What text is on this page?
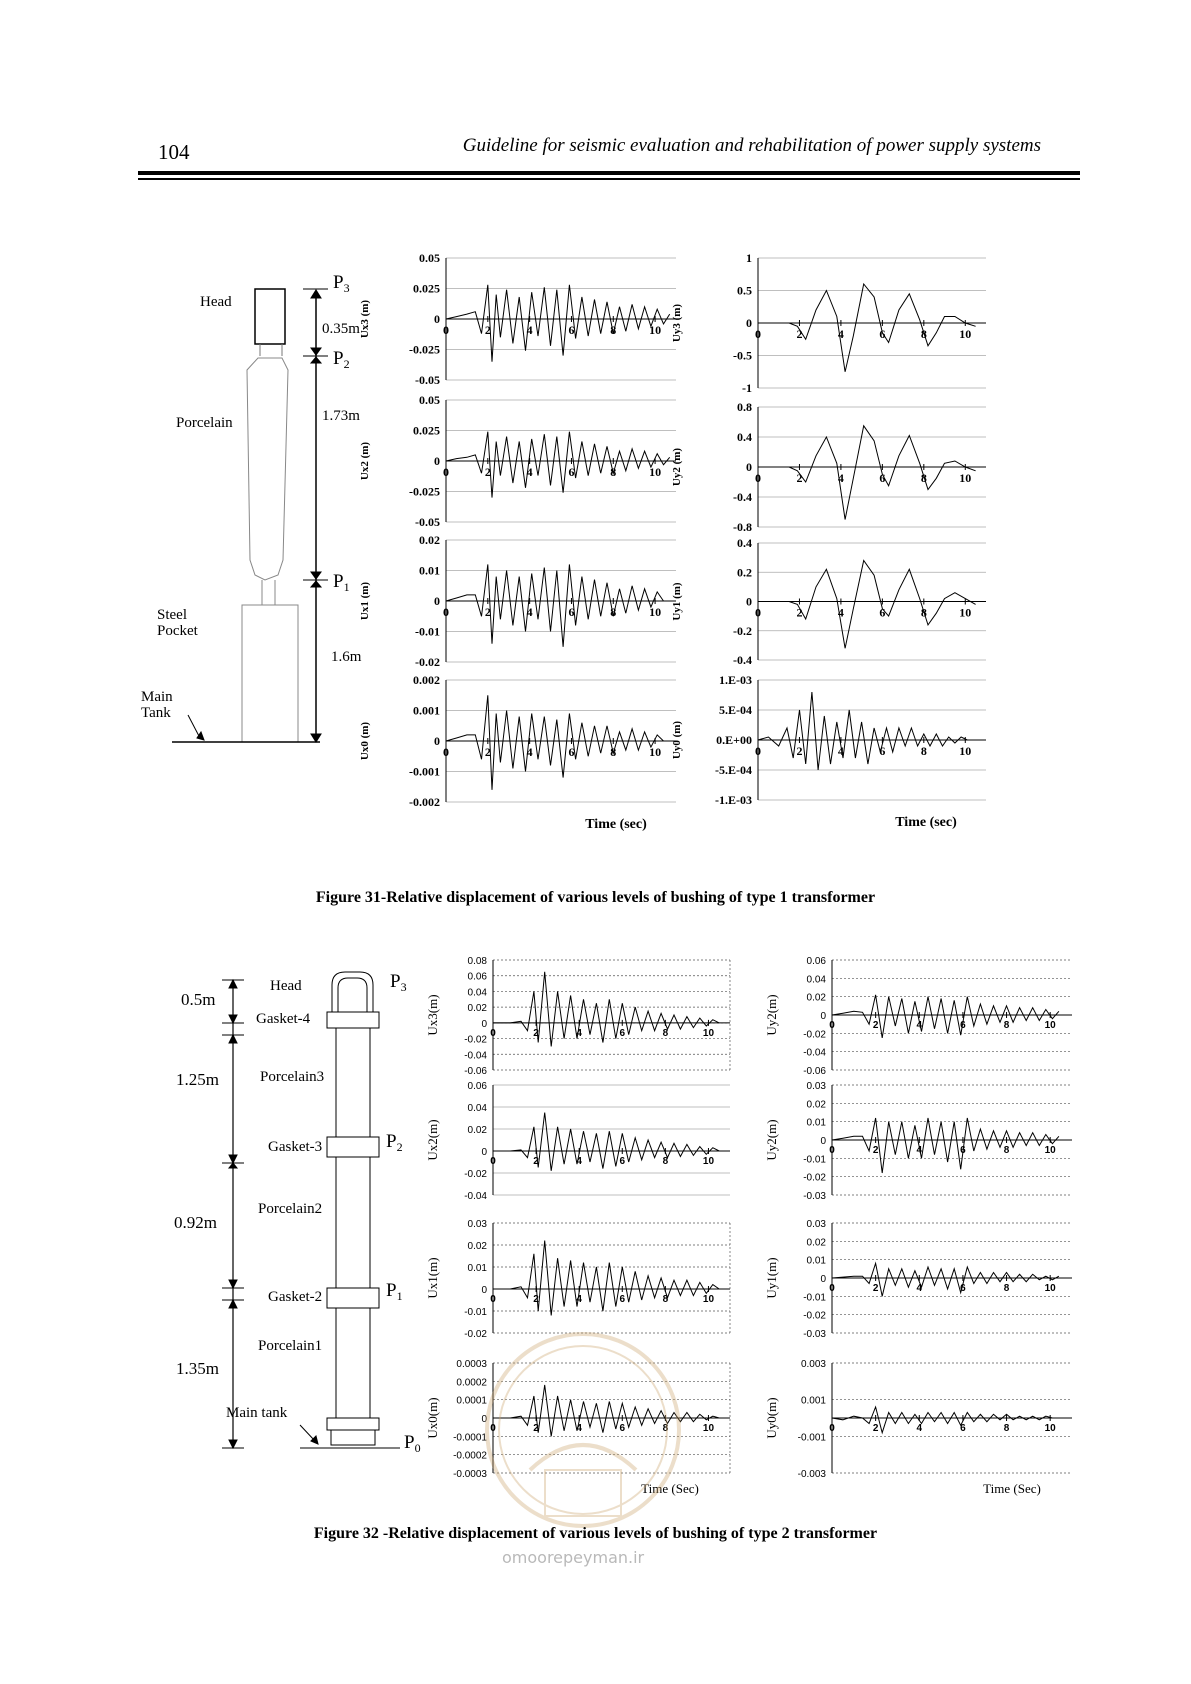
104	Guideline for seismic evaluation and rehabilitation of power supply systems
Head
Porcelain
Steel
Pocket
Main
Tank
0.35m
1.73m
1.6m
$P_3$
$P_2$
$P_1$
Head
Gasket-4
Porcelain3
Gasket-3
Porcelain2
Gasket-2
Porcelain1
Main tank
0.5m
1.25m
0.92m
1.35m
$P_3$
$P_2$
$P_1$
$P_0$
0.05
0.025
0
-0.025
-0.05
0	2	4	6	8	10
Ux3 (m)
0.05
0.025
0
-0.025
-0.05
0	2	4	6	8	10
Ux2 (m)
0.02
0.01
0
-0.01
-0.02
0	2	4	6	8	10
Ux1 (m)
0.002
0.001
0
-0.001
-0.002
0	2	4	6	8	10
Ux0 (m)
Time (sec)
1
0.5
0
-0.5
-1
0	2	4	6	8	10
Uy3 (m)
0.8
0.4
0
-0.4
-0.8
0	2	4	6	8	10
Uy2 (m)
0.4
0.2
0
-0.2
-0.4
0	2	4	6	8	10
Uy1 (m)
1.E-03
5.E-04
0.E+00
-5.E-04
-1.E-03
0	2	4	6	8	10
Uy0 (m)
Time (sec)
0.08
0.06
0.04
0.02
0
-0.02
-0.04
-0.06
0	2	4	6	8	10
Ux3(m)
0.06
0.04
0.02
0
-0.02
-0.04
0	2	4	6	8	10
Ux2(m)
0.03
0.02
0.01
0
-0.01
-0.02
0	2	4	6	8	10
Ux1(m)
0.0003
0.0002
0.0001
0
-0.0001
-0.0002
-0.0003
0	2	4	6	8	10
Ux0(m)
Time (Sec)
0.06
0.04
0.02
0
-0.02
-0.04
-0.06
0	2	4	6	8	10
Uy2(m)
0.03
0.02
0.01
0
-0.01
-0.02
-0.03
0	2	4	6	8	10
Uy2(m)
0.03
0.02
0.01
0
-0.01
-0.02
-0.03
0	2	4	6	8	10
Uy1(m)
0.003
0.001
-0.001
-0.003
0	2	4	6	8	10
Uy0(m)
Time (Sec)
omoorepeyman.ir
Figure 31-Relative displacement of various levels of bushing of type 1 transformer
Figure 32 -Relative displacement of various levels of bushing of type 2 transformer
